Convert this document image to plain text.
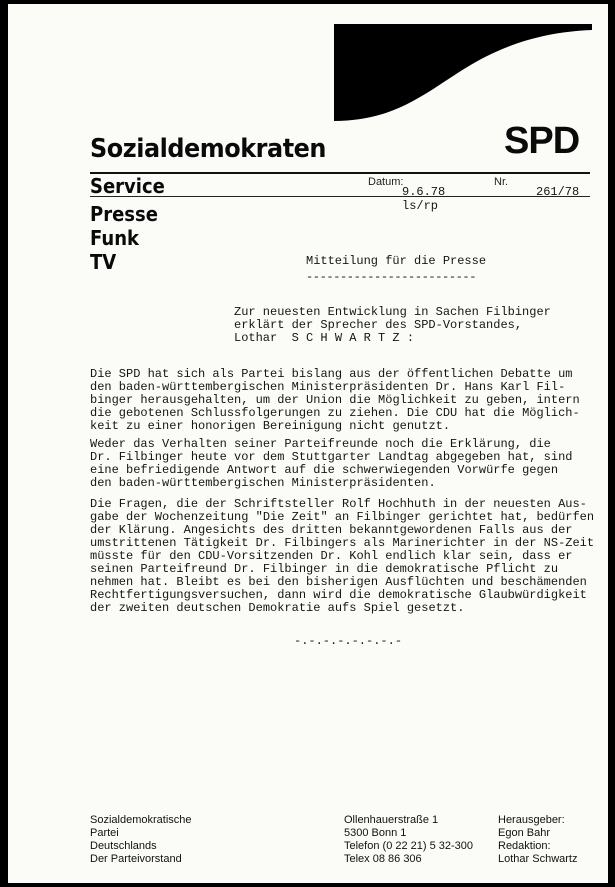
Sozialdemokraten	SPD
Service
Presse
Funk
TV
Datum:
9.6.78
ls/rp
Nr.
261/78
Mitteilung für die Presse
-------------------------
Zur neuesten Entwicklung in Sachen Filbinger
erklärt der Sprecher des SPD-Vorstandes,
Lothar  S C H W A R T Z :
Die SPD hat sich als Partei bislang aus der öffentlichen Debatte um
den baden-württembergischen Ministerpräsidenten Dr. Hans Karl Fil-
binger herausgehalten, um der Union die Möglichkeit zu geben, intern
die gebotenen Schlussfolgerungen zu ziehen. Die CDU hat die Möglich-
keit zu einer honorigen Bereinigung nicht genutzt.
Weder das Verhalten seiner Parteifreunde noch die Erklärung, die
Dr. Filbinger heute vor dem Stuttgarter Landtag abgegeben hat, sind
eine befriedigende Antwort auf die schwerwiegenden Vorwürfe gegen
den baden-württembergischen Ministerpräsidenten.
Die Fragen, die der Schriftsteller Rolf Hochhuth in der neuesten Aus-
gabe der Wochenzeitung "Die Zeit" an Filbinger gerichtet hat, bedürfen
der Klärung. Angesichts des dritten bekanntgewordenen Falls aus der
umstrittenen Tätigkeit Dr. Filbingers als Marinerichter in der NS-Zeit
müsste für den CDU-Vorsitzenden Dr. Kohl endlich klar sein, dass er
seinen Parteifreund Dr. Filbinger in die demokratische Pflicht zu
nehmen hat. Bleibt es bei den bisherigen Ausflüchten und beschämenden
Rechtfertigungsversuchen, dann wird die demokratische Glaubwürdigkeit
der zweiten deutschen Demokratie aufs Spiel gesetzt.
-.-.-.-.-.-.-.-
Sozialdemokratische
Partei
Deutschlands
Der Parteivorstand
Ollenhauerstraße 1
5300 Bonn 1
Telefon (0 22 21) 5 32-300
Telex 08 86 306
Herausgeber:
Egon Bahr
Redaktion:
Lothar Schwartz
